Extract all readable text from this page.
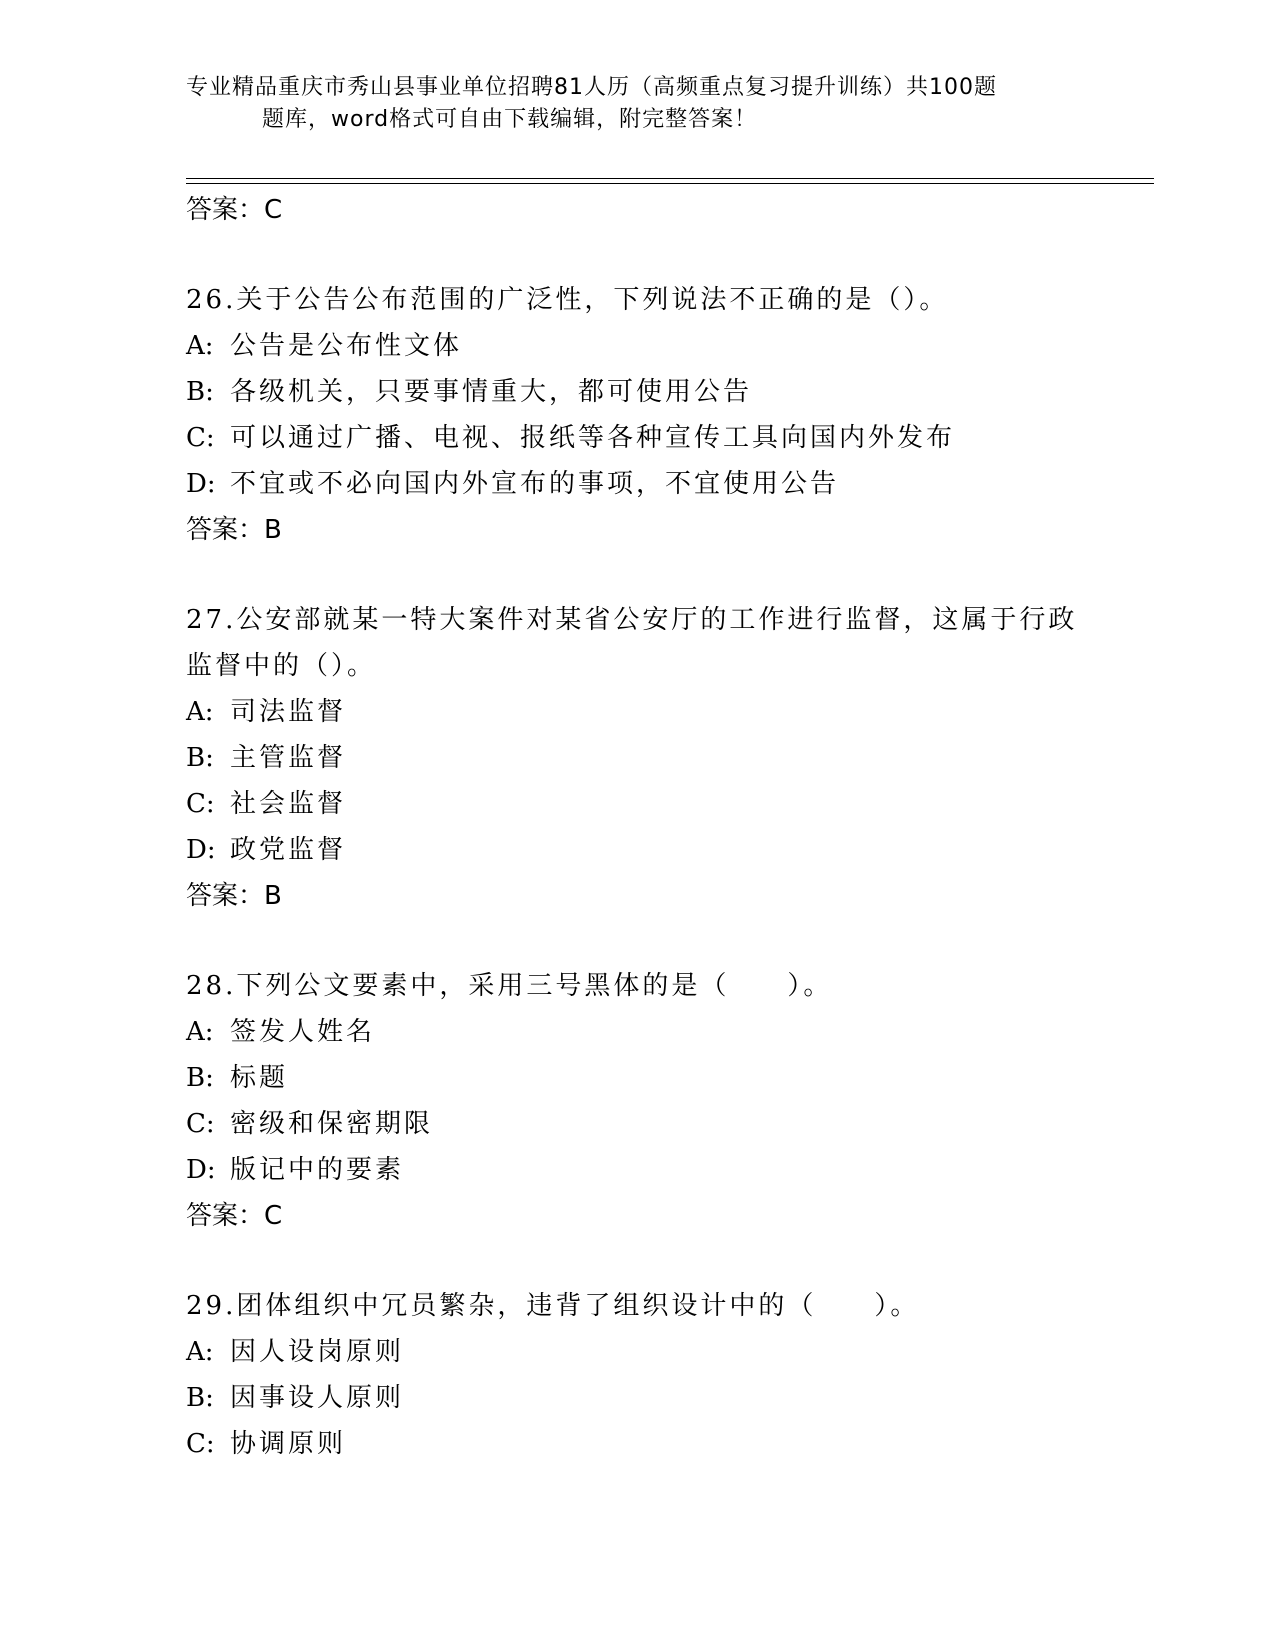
专业精品重庆市秀山县事业单位招聘81人历（高频重点复习提升训练）共100题
题库，word格式可自由下载编辑，附完整答案！
答案：C
26.关于公告公布范围的广泛性，下列说法不正确的是（）。
A: 公告是公布性文体
B: 各级机关，只要事情重大，都可使用公告
C: 可以通过广播、电视、报纸等各种宣传工具向国内外发布
D: 不宜或不必向国内外宣布的事项，不宜使用公告
答案：B
27.公安部就某一特大案件对某省公安厅的工作进行监督，这属于行政
监督中的（）。
A: 司法监督
B: 主管监督
C: 社会监督
D: 政党监督
答案：B
28.下列公文要素中，采用三号黑体的是（　　）。
A: 签发人姓名
B: 标题
C: 密级和保密期限
D: 版记中的要素
答案：C
29.团体组织中冗员繁杂，违背了组织设计中的（　　）。
A: 因人设岗原则
B: 因事设人原则
C: 协调原则
